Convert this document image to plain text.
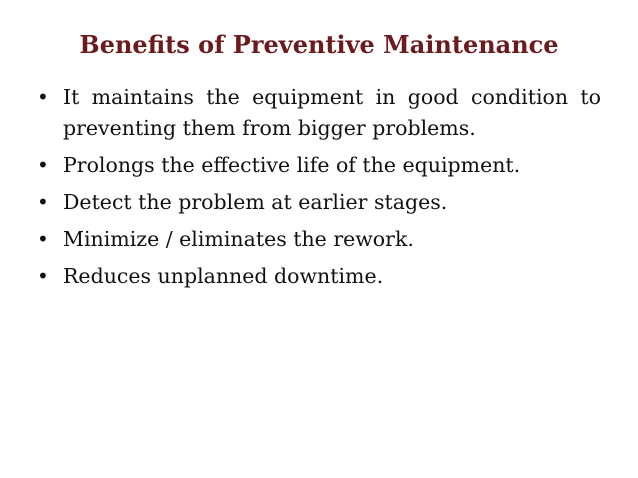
Benefits of Preventive Maintenance
• It maintains the equipment in good condition to preventing them from bigger problems.
• Prolongs the effective life of the equipment.
• Detect the problem at earlier stages.
• Minimize / eliminates the rework.
• Reduces unplanned downtime.
